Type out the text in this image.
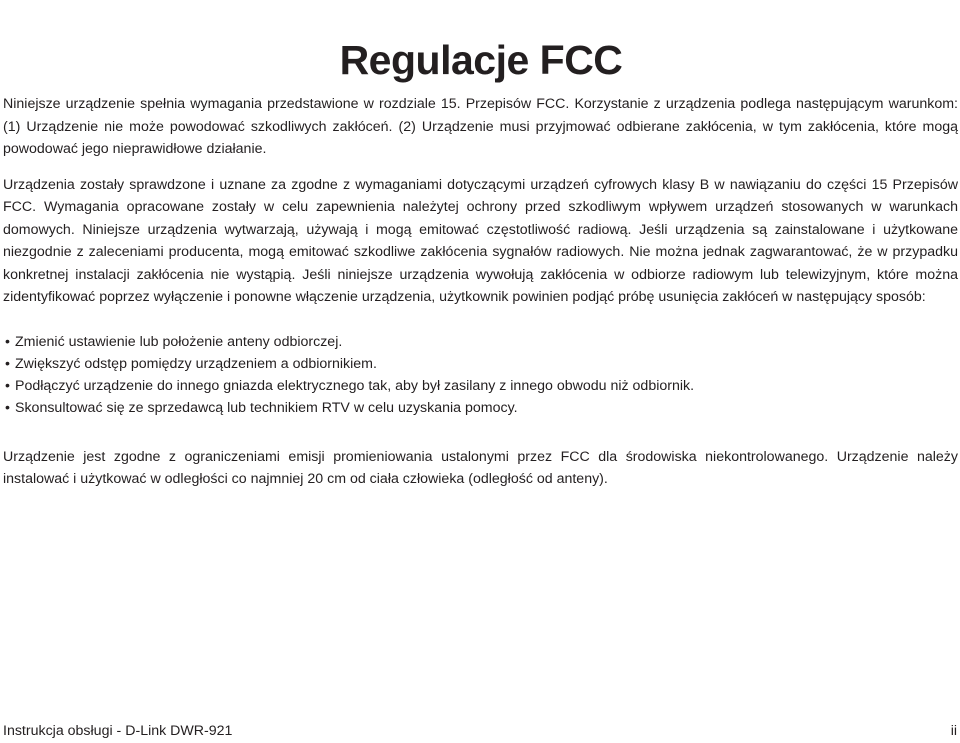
Regulacje FCC

Niniejsze urządzenie spełnia wymagania przedstawione w rozdziale 15. Przepisów FCC. Korzystanie z urządzenia podlega następującym warunkom: (1) Urządzenie nie może powodować szkodliwych zakłóceń. (2) Urządzenie musi przyjmować odbierane zakłócenia, w tym zakłócenia, które mogą powodować jego nieprawidłowe działanie.

Urządzenia zostały sprawdzone i uznane za zgodne z wymaganiami dotyczącymi urządzeń cyfrowych klasy B w nawiązaniu do części 15 Przepisów FCC. Wymagania opracowane zostały w celu zapewnienia należytej ochrony przed szkodliwym wpływem urządzeń stosowanych w warunkach domowych. Niniejsze urządzenia wytwarzają, używają i mogą emitować częstotliwość radiową. Jeśli urządzenia są zainstalowane i użytkowane niezgodnie z zaleceniami producenta, mogą emitować szkodliwe zakłócenia sygnałów radiowych. Nie można jednak zagwarantować, że w przypadku konkretnej instalacji zakłócenia nie wystąpią. Jeśli niniejsze urządzenia wywołują zakłócenia w odbiorze radiowym lub telewizyjnym, które można zidentyfikować poprzez wyłączenie i ponowne włączenie urządzenia, użytkownik powinien podjąć próbę usunięcia zakłóceń w następujący sposób:

• Zmienić ustawienie lub położenie anteny odbiorczej.
• Zwiększyć odstęp pomiędzy urządzeniem a odbiornikiem.
• Podłączyć urządzenie do innego gniazda elektrycznego tak, aby był zasilany z innego obwodu niż odbiornik.
• Skonsultować się ze sprzedawcą lub technikiem RTV w celu uzyskania pomocy.

Urządzenie jest zgodne z ograniczeniami emisji promieniowania ustalonymi przez FCC dla środowiska niekontrolowanego. Urządzenie należy instalować i użytkować w odległości co najmniej 20 cm od ciała człowieka (odległość od anteny).

Instrukcja obsługi - D-Link DWR-921	ii
